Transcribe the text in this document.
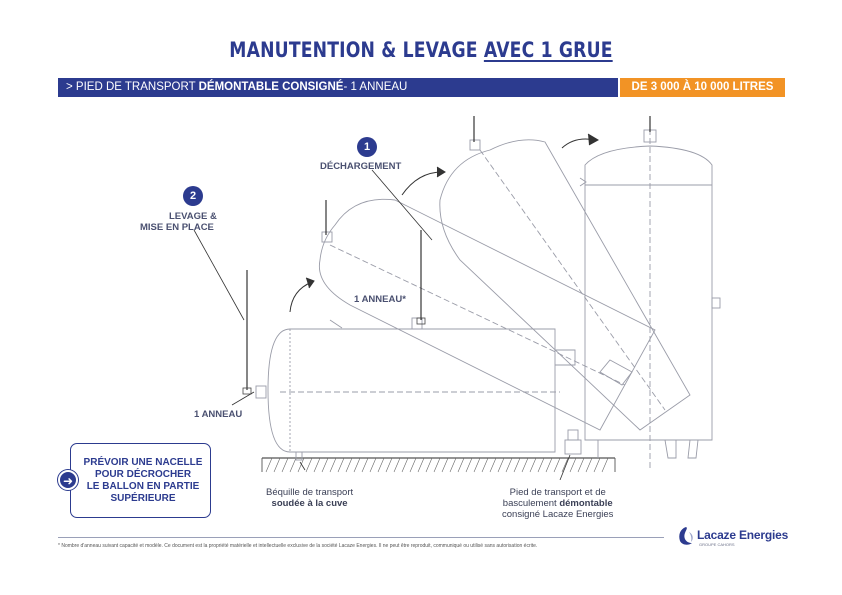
MANUTENTION & LEVAGE AVEC 1 GRUE
> PIED DE TRANSPORT DÉMONTABLE CONSIGNÉ- 1 ANNEAU	DE 3 000 À 10 000 LITRES
1
DÉCHARGEMENT
2
LEVAGE &
MISE EN PLACE
1 ANNEAU*
1 ANNEAU
➜
PRÉVOIR UNE NACELLE
POUR DÉCROCHER
LE BALLON EN PARTIE
SUPÉRIEURE
Béquille de transport
soudée à la cuve
Pied de transport et de
basculement démontable
consigné Lacaze Energies
* Nombre d'anneau suivant capacité et modèle. Ce document est la propriété matérielle et intellectuelle exclusive de la société Lacaze Energies. Il ne peut être reproduit, communiqué ou utilisé sans autorisation écrite.
Lacaze Energies
GROUPE CAHORS
